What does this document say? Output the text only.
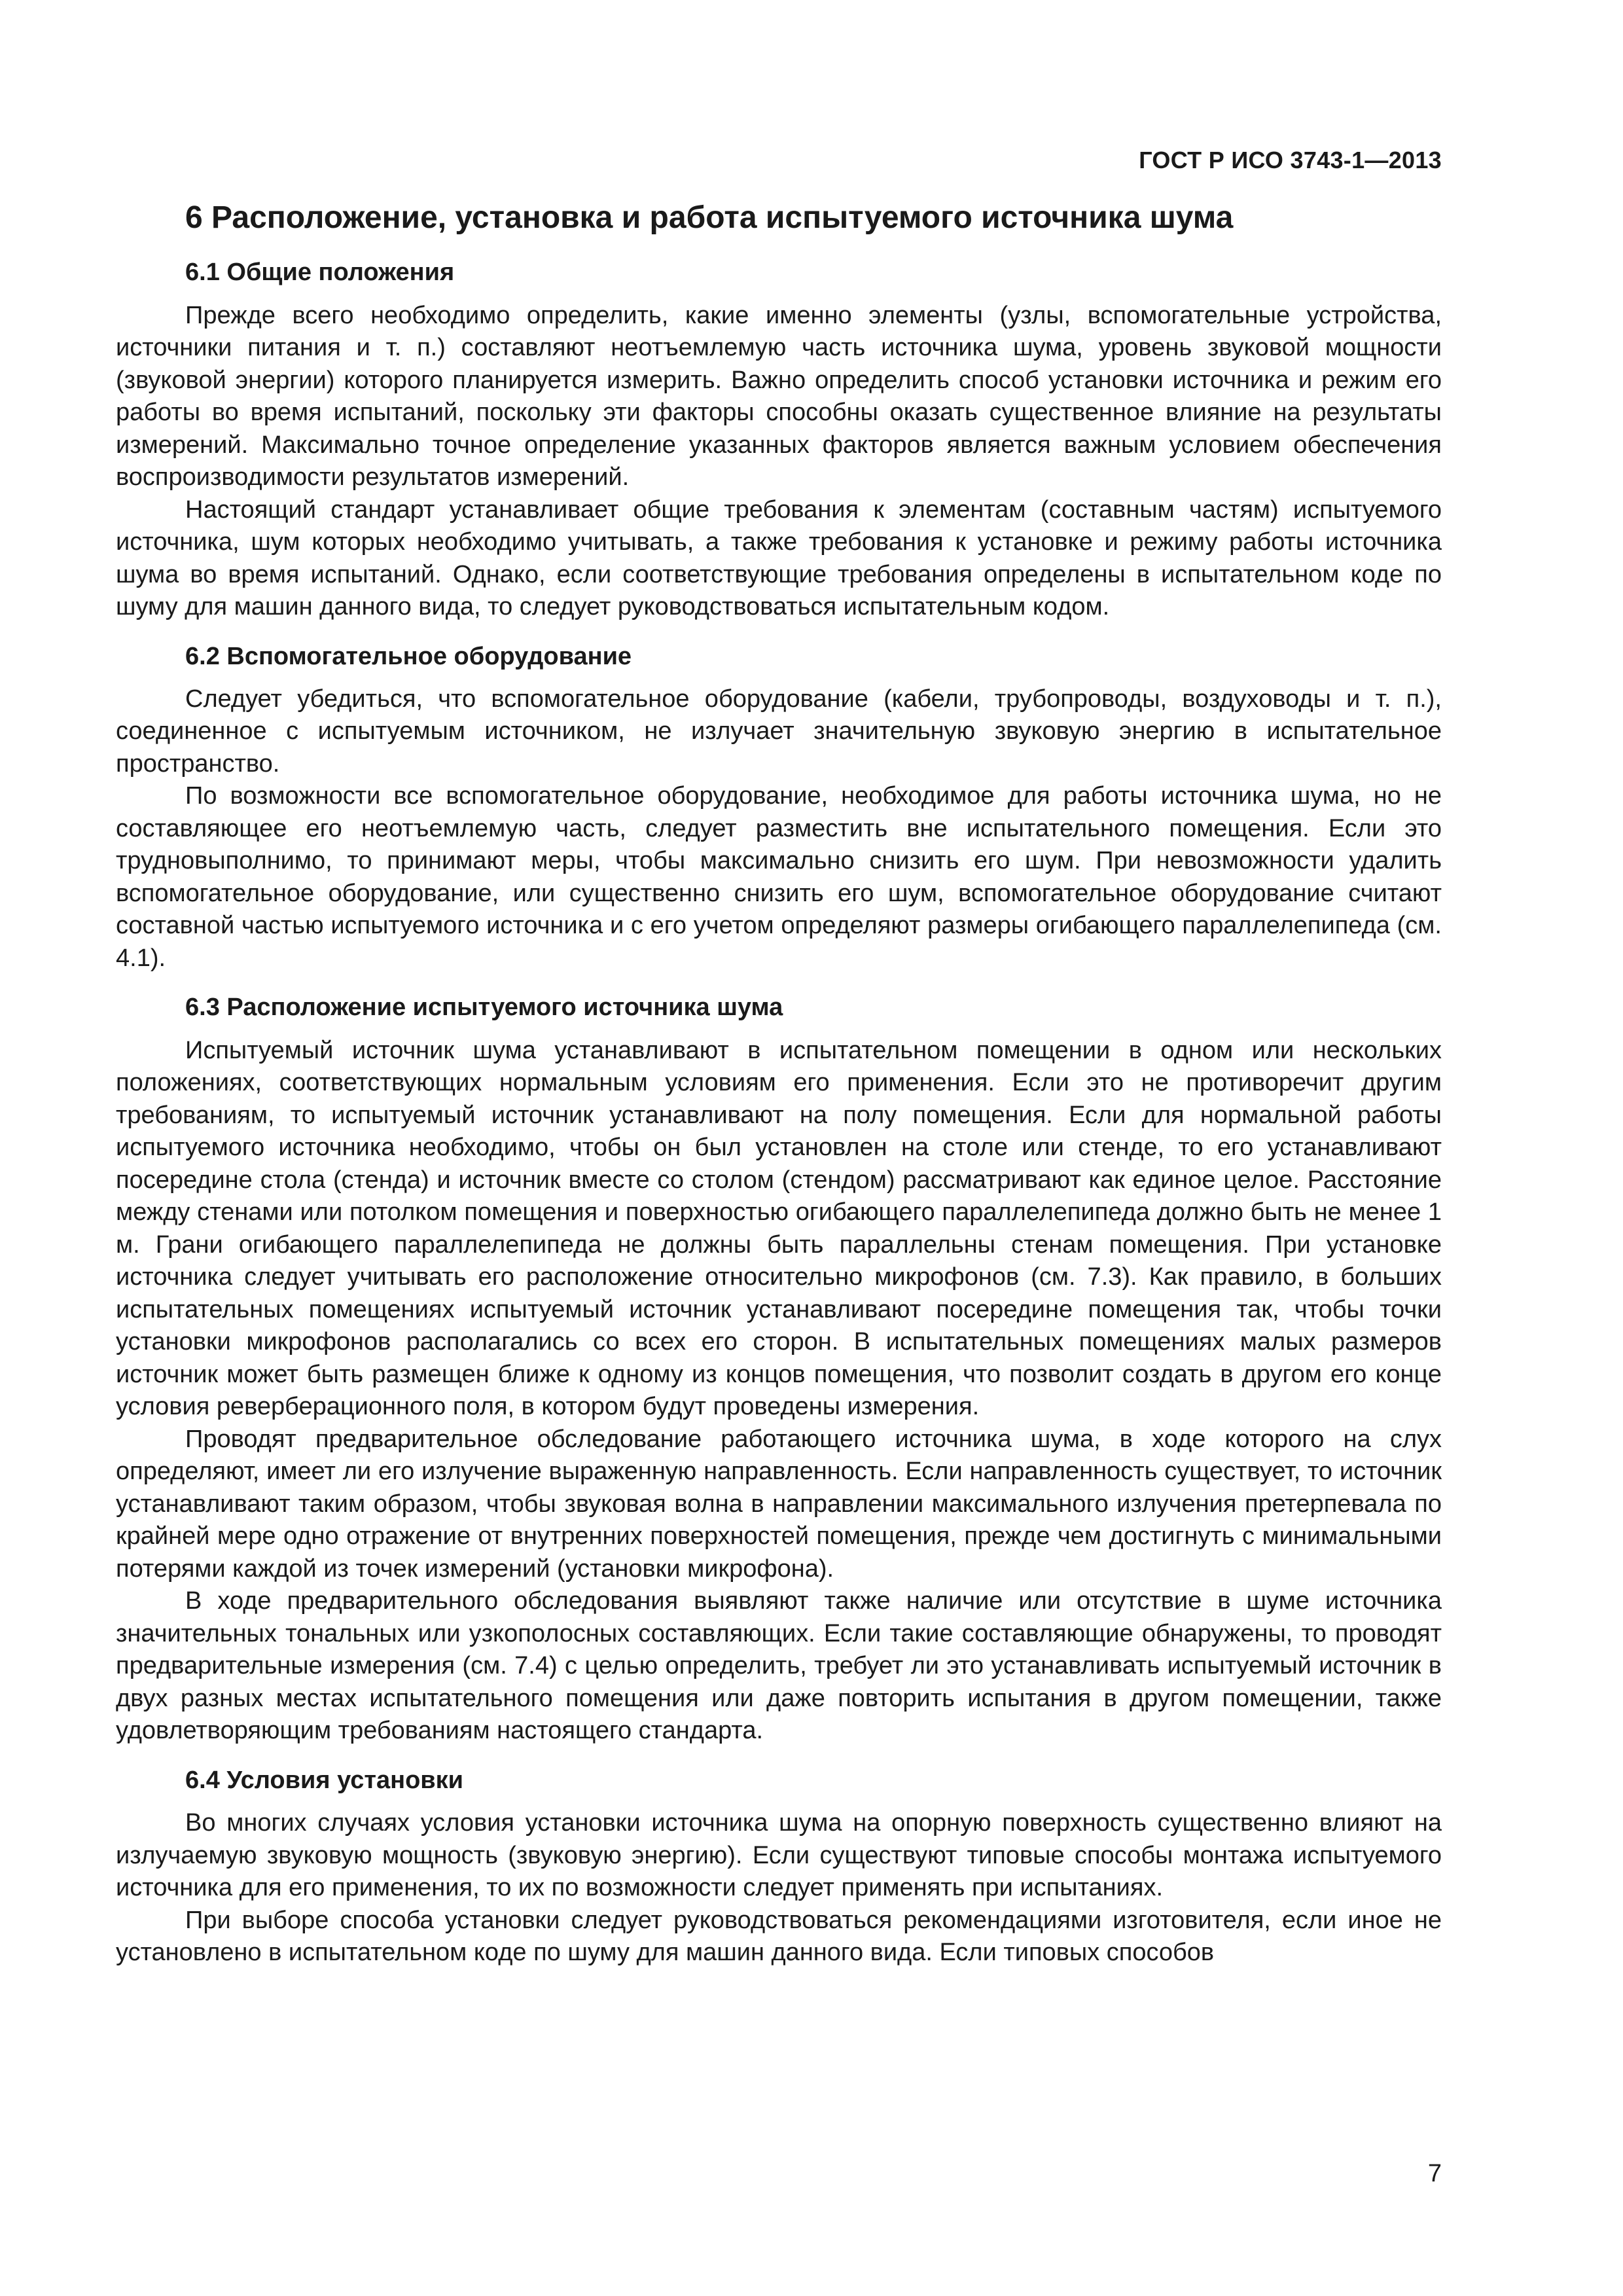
ГОСТ Р ИСО 3743-1—2013
6 Расположение, установка и работа испытуемого источника шума
6.1 Общие положения

Прежде всего необходимо определить, какие именно элементы (узлы, вспомогательные устройства, источники питания и т. п.) составляют неотъемлемую часть источника шума, уровень звуковой мощности (звуковой энергии) которого планируется измерить. Важно определить способ установки источника и режим его работы во время испытаний, поскольку эти факторы способны оказать существенное влияние на результаты измерений. Максимально точное определение указанных факторов является важным условием обеспечения воспроизводимости результатов измерений.

Настоящий стандарт устанавливает общие требования к элементам (составным частям) испытуемого источника, шум которых необходимо учитывать, а также требования к установке и режиму работы источника шума во время испытаний. Однако, если соответствующие требования определены в испытательном коде по шуму для машин данного вида, то следует руководствоваться испытательным кодом.

6.2 Вспомогательное оборудование

Следует убедиться, что вспомогательное оборудование (кабели, трубопроводы, воздуховоды и т. п.), соединенное с испытуемым источником, не излучает значительную звуковую энергию в испытательное пространство.

По возможности все вспомогательное оборудование, необходимое для работы источника шума, но не составляющее его неотъемлемую часть, следует разместить вне испытательного помещения. Если это трудновыполнимо, то принимают меры, чтобы максимально снизить его шум. При невозможности удалить вспомогательное оборудование, или существенно снизить его шум, вспомогательное оборудование считают составной частью испытуемого источника и с его учетом определяют размеры огибающего параллелепипеда (см. 4.1).

6.3 Расположение испытуемого источника шума

Испытуемый источник шума устанавливают в испытательном помещении в одном или нескольких положениях, соответствующих нормальным условиям его применения. Если это не противоречит другим требованиям, то испытуемый источник устанавливают на полу помещения. Если для нормальной работы испытуемого источника необходимо, чтобы он был установлен на столе или стенде, то его устанавливают посередине стола (стенда) и источник вместе со столом (стендом) рассматривают как единое целое. Расстояние между стенами или потолком помещения и поверхностью огибающего параллелепипеда должно быть не менее 1 м. Грани огибающего параллелепипеда не должны быть параллельны стенам помещения. При установке источника следует учитывать его расположение относительно микрофонов (см. 7.3). Как правило, в больших испытательных помещениях испытуемый источник устанавливают посередине помещения так, чтобы точки установки микрофонов располагались со всех его сторон. В испытательных помещениях малых размеров источник может быть размещен ближе к одному из концов помещения, что позволит создать в другом его конце условия реверберационного поля, в котором будут проведены измерения.

Проводят предварительное обследование работающего источника шума, в ходе которого на слух определяют, имеет ли его излучение выраженную направленность. Если направленность существует, то источник устанавливают таким образом, чтобы звуковая волна в направлении максимального излучения претерпевала по крайней мере одно отражение от внутренних поверхностей помещения, прежде чем достигнуть с минимальными потерями каждой из точек измерений (установки микрофона).

В ходе предварительного обследования выявляют также наличие или отсутствие в шуме источника значительных тональных или узкополосных составляющих. Если такие составляющие обнаружены, то проводят предварительные измерения (см. 7.4) с целью определить, требует ли это устанавливать испытуемый источник в двух разных местах испытательного помещения или даже повторить испытания в другом помещении, также удовлетворяющим требованиям настоящего стандарта.

6.4 Условия установки

Во многих случаях условия установки источника шума на опорную поверхность существенно влияют на излучаемую звуковую мощность (звуковую энергию). Если существуют типовые способы монтажа испытуемого источника для его применения, то их по возможности следует применять при испытаниях.

При выборе способа установки следует руководствоваться рекомендациями изготовителя, если иное не установлено в испытательном коде по шуму для машин данного вида. Если типовых способов

7
